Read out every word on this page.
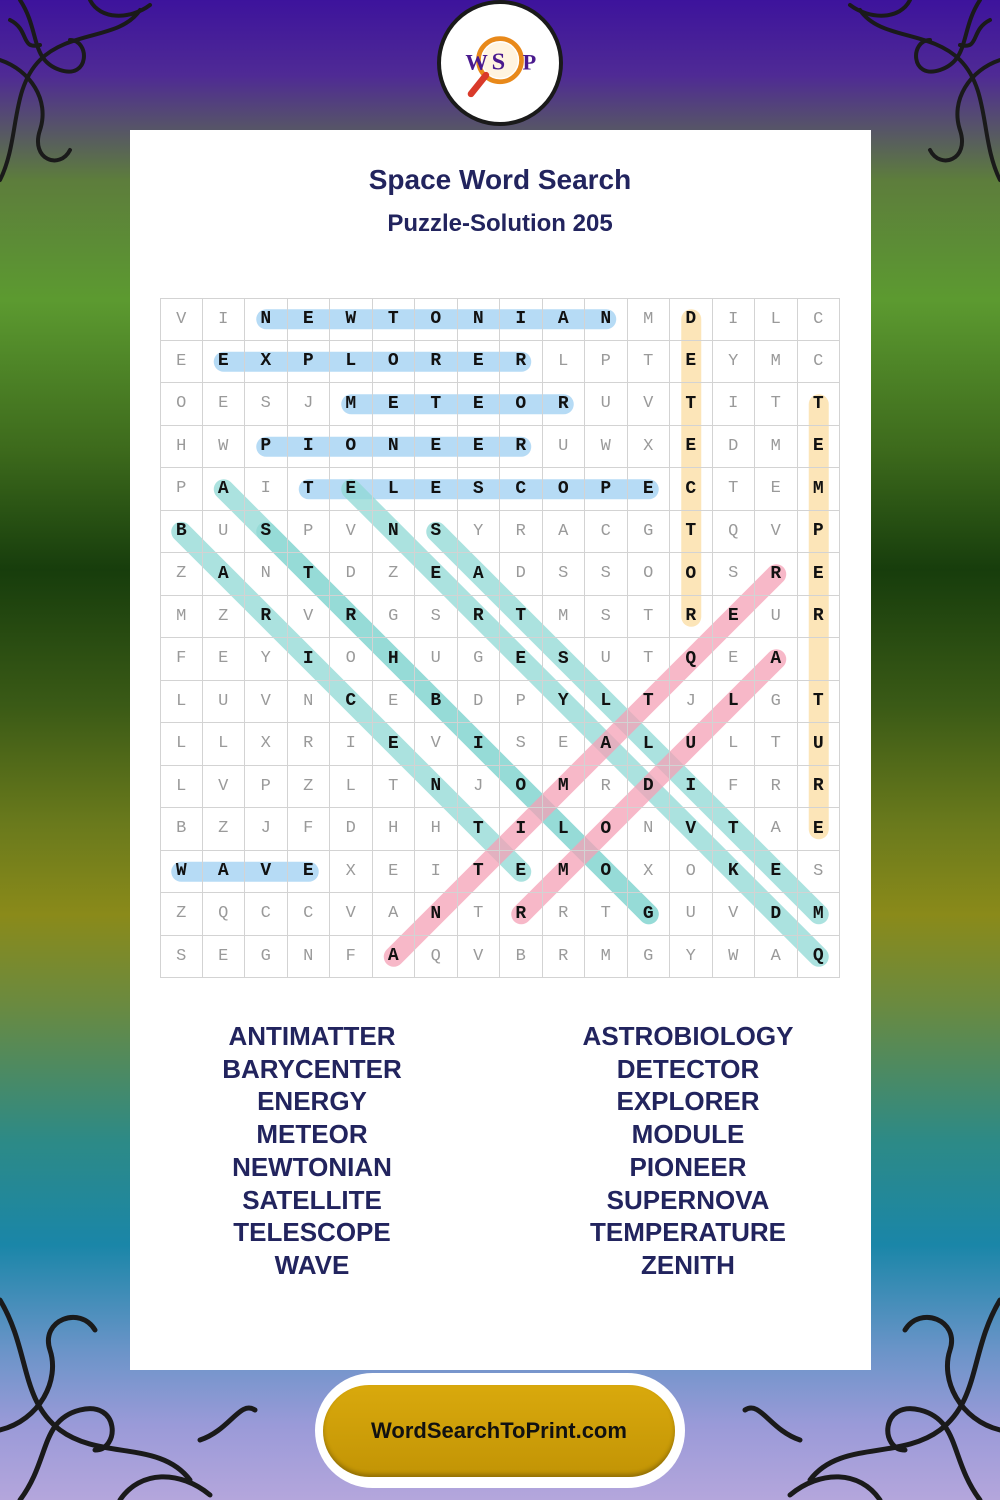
W S P
Space Word Search
Puzzle-Solution 205
V	I	N	E	W	T	O	N	I	A	N	M	D	I	L	C
E	E	X	P	L	O	R	E	R	L	P	T	E	Y	M	C
O	E	S	J	M	E	T	E	O	R	U	V	T	I	T	T
H	W	P	I	O	N	E	E	R	U	W	X	E	D	M	E
P	A	I	T	E	L	E	S	C	O	P	E	C	T	E	M
B	U	S	P	V	N	S	Y	R	A	C	G	T	Q	V	P
Z	A	N	T	D	Z	E	A	D	S	S	O	O	S	R	E
M	Z	R	V	R	G	S	R	T	M	S	T	R	E	U	R
F	E	Y	I	O	H	U	G	E	S	U	T	Q	E	A
L	U	V	N	C	E	B	D	P	Y	L	T	J	L	G	T
L	L	X	R	I	E	V	I	S	E	A	L	U	L	T	U
L	V	P	Z	L	T	N	J	O	M	R	D	I	F	R	R
B	Z	J	F	D	H	H	T	I	L	O	N	V	T	A	E
W	A	V	E	X	E	I	T	E	M	O	X	O	K	E	S
Z	Q	C	C	V	A	N	T	R	R	T	G	U	V	D	M
S	E	G	N	F	A	Q	V	B	R	M	G	Y	W	A	Q
ANTIMATTER
BARYCENTER
ENERGY
METEOR
NEWTONIAN
SATELLITE
TELESCOPE
WAVE
ASTROBIOLOGY
DETECTOR
EXPLORER
MODULE
PIONEER
SUPERNOVA
TEMPERATURE
ZENITH
WordSearchToPrint.com
